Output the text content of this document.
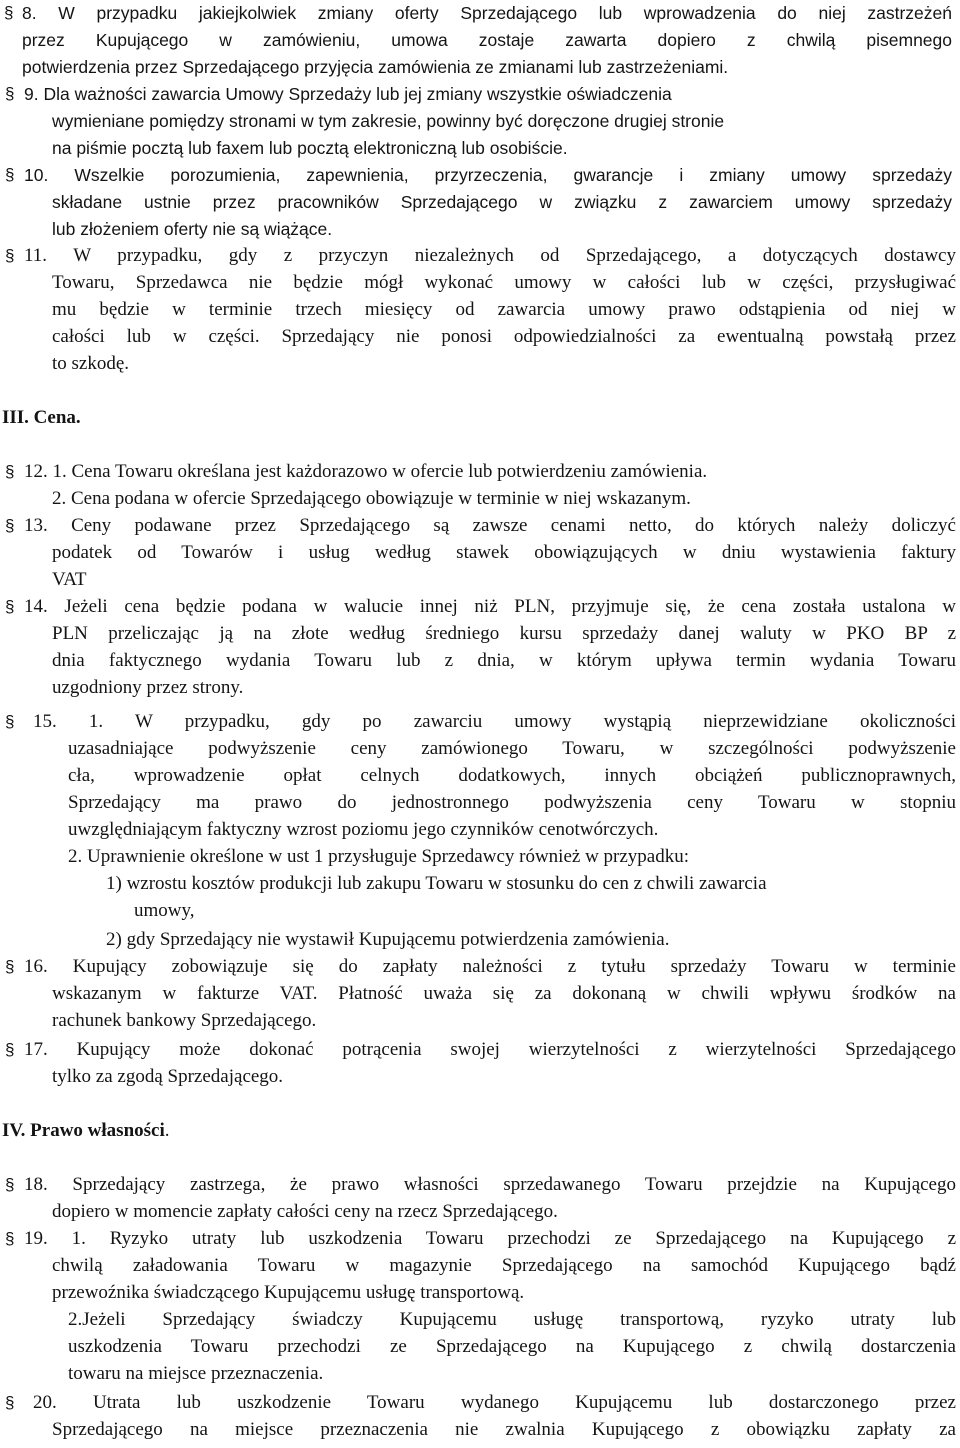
§ 8. W przypadku jakiejkolwiek zmiany oferty Sprzedającego lub wprowadzenia do niej zastrzeżeń
przez Kupującego w zamówieniu, umowa zostaje zawarta dopiero z chwilą pisemnego
potwierdzenia przez Sprzedającego przyjęcia zamówienia ze zmianami lub zastrzeżeniami.
§ 9. Dla ważności zawarcia Umowy Sprzedaży lub jej zmiany wszystkie oświadczenia
wymieniane pomiędzy stronami w tym zakresie, powinny być doręczone drugiej stronie
na piśmie pocztą lub faxem lub pocztą elektroniczną lub osobiście.
§ 10. Wszelkie porozumienia, zapewnienia, przyrzeczenia, gwarancje i zmiany umowy sprzedaży
składane ustnie przez pracowników Sprzedającego w związku z zawarciem umowy sprzedaży
lub złożeniem oferty nie są wiążące.
§ 11. W przypadku, gdy z przyczyn niezależnych od Sprzedającego, a dotyczących dostawcy
Towaru, Sprzedawca nie będzie mógł wykonać umowy w całości lub w części, przysługiwać
mu będzie w terminie trzech miesięcy od zawarcia umowy prawo odstąpienia od niej w
całości lub w części. Sprzedający nie ponosi odpowiedzialności za ewentualną powstałą przez
to szkodę.
III. Cena.
§ 12. 1. Cena Towaru określana jest każdorazowo w ofercie lub potwierdzeniu zamówienia.
2. Cena podana w ofercie Sprzedającego obowiązuje w terminie w niej wskazanym.
§ 13. Ceny podawane przez Sprzedającego są zawsze cenami netto, do których należy doliczyć
podatek od Towarów i usług według stawek obowiązujących w dniu wystawienia faktury
VAT
§ 14. Jeżeli cena będzie podana w walucie innej niż PLN, przyjmuje się, że cena została ustalona w
PLN przeliczając ją na złote według średniego kursu sprzedaży danej waluty w PKO BP z
dnia faktycznego wydania Towaru lub z dnia, w którym upływa termin wydania Towaru
uzgodniony przez strony.
§ 15. 1. W przypadku, gdy po zawarciu umowy wystąpią nieprzewidziane okoliczności
uzasadniające podwyższenie ceny zamówionego Towaru, w szczególności podwyższenie
cła, wprowadzenie opłat celnych dodatkowych, innych obciążeń publicznoprawnych,
Sprzedający ma prawo do jednostronnego podwyższenia ceny Towaru w stopniu
uwzględniającym faktyczny wzrost poziomu jego czynników cenotwórczych.
2. Uprawnienie określone w ust 1 przysługuje Sprzedawcy również w przypadku:
1) wzrostu kosztów produkcji lub zakupu Towaru w stosunku do cen z chwili zawarcia
umowy,
2) gdy Sprzedający nie wystawił Kupującemu potwierdzenia zamówienia.
§ 16. Kupujący zobowiązuje się do zapłaty należności z tytułu sprzedaży Towaru w terminie
wskazanym w fakturze VAT. Płatność uważa się za dokonaną w chwili wpływu środków na
rachunek bankowy Sprzedającego.
§ 17. Kupujący może dokonać potrącenia swojej wierzytelności z wierzytelności Sprzedającego
tylko za zgodą Sprzedającego.
IV. Prawo własności.
§ 18. Sprzedający zastrzega, że prawo własności sprzedawanego Towaru przejdzie na Kupującego
dopiero w momencie zapłaty całości ceny na rzecz Sprzedającego.
§ 19. 1. Ryzyko utraty lub uszkodzenia Towaru przechodzi ze Sprzedającego na Kupującego z
chwilą załadowania Towaru w magazynie Sprzedającego na samochód Kupującego bądź
przewoźnika świadczącego Kupującemu usługę transportową.
2.Jeżeli Sprzedający świadczy Kupującemu usługę transportową, ryzyko utraty lub
uszkodzenia Towaru przechodzi ze Sprzedającego na Kupującego z chwilą dostarczenia
towaru na miejsce przeznaczenia.
§ 20. Utrata lub uszkodzenie Towaru wydanego Kupującemu lub dostarczonego przez
Sprzedającego na miejsce przeznaczenia nie zwalnia Kupującego z obowiązku zapłaty za
